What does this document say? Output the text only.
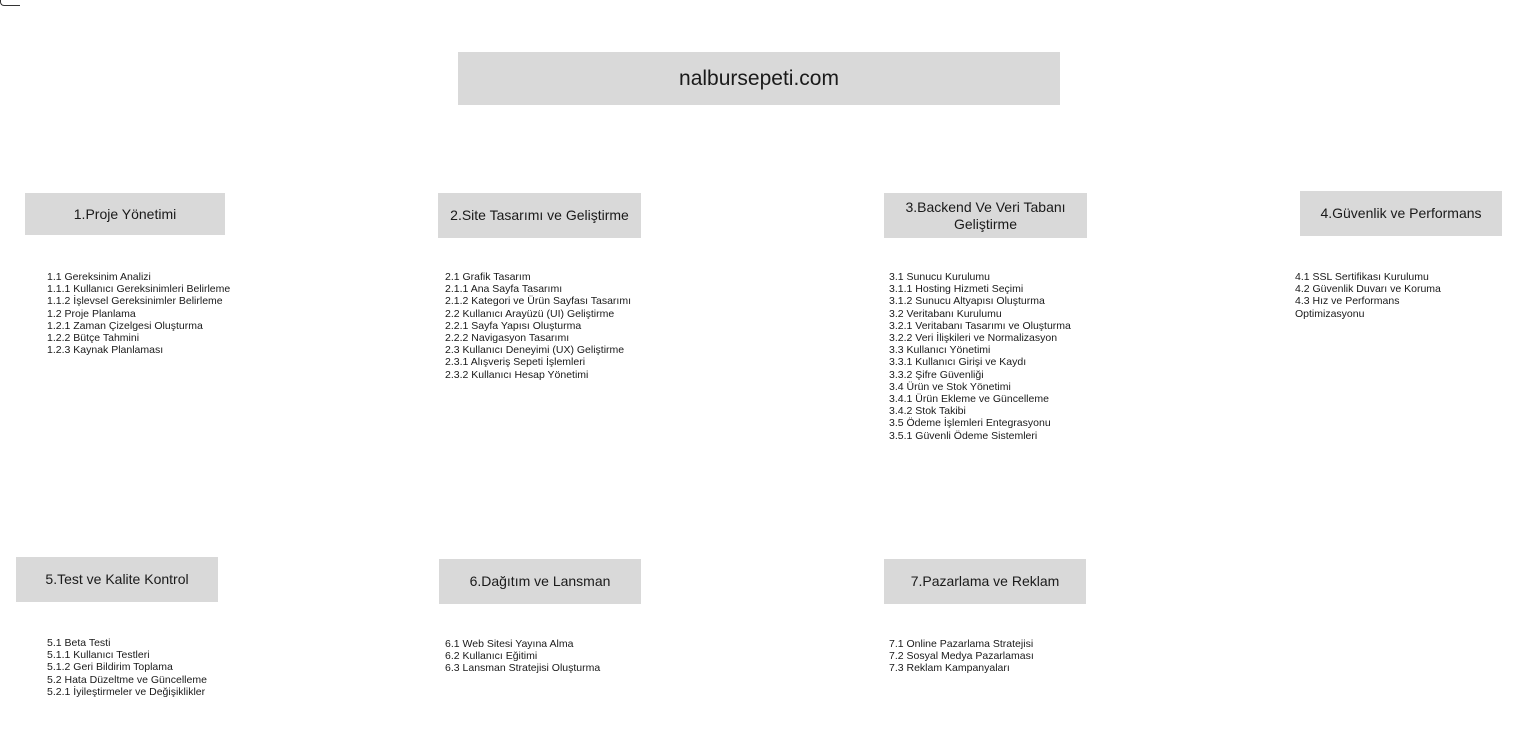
nalbursepeti.com
1.Proje Yönetimi
1.1 Gereksinim Analizi
1.1.1 Kullanıcı Gereksinimleri Belirleme
1.1.2 İşlevsel Gereksinimler Belirleme
1.2 Proje Planlama
1.2.1 Zaman Çizelgesi Oluşturma
1.2.2 Bütçe Tahmini
1.2.3 Kaynak Planlaması
2.Site Tasarımı ve Geliştirme
2.1 Grafik Tasarım
2.1.1 Ana Sayfa Tasarımı
2.1.2 Kategori ve Ürün Sayfası Tasarımı
2.2 Kullanıcı Arayüzü (UI) Geliştirme
2.2.1 Sayfa Yapısı Oluşturma
2.2.2 Navigasyon Tasarımı
2.3 Kullanıcı Deneyimi (UX) Geliştirme
2.3.1 Alışveriş Sepeti İşlemleri
2.3.2 Kullanıcı Hesap Yönetimi
3.Backend Ve Veri Tabanı Geliştirme
3.1 Sunucu Kurulumu
3.1.1 Hosting Hizmeti Seçimi
3.1.2 Sunucu Altyapısı Oluşturma
3.2 Veritabanı Kurulumu
3.2.1 Veritabanı Tasarımı ve Oluşturma
3.2.2 Veri İlişkileri ve Normalizasyon
3.3 Kullanıcı Yönetimi
3.3.1 Kullanıcı Girişi ve Kaydı
3.3.2 Şifre Güvenliği
3.4 Ürün ve Stok Yönetimi
3.4.1 Ürün Ekleme ve Güncelleme
3.4.2 Stok Takibi
3.5 Ödeme İşlemleri Entegrasyonu
3.5.1 Güvenli Ödeme Sistemleri
4.Güvenlik ve Performans
4.1 SSL Sertifikası Kurulumu
4.2 Güvenlik Duvarı ve Koruma
4.3 Hız ve Performans
Optimizasyonu
5.Test ve Kalite Kontrol
5.1 Beta Testi
5.1.1 Kullanıcı Testleri
5.1.2 Geri Bildirim Toplama
5.2 Hata Düzeltme ve Güncelleme
5.2.1 İyileştirmeler ve Değişiklikler
6.Dağıtım ve Lansman
6.1 Web Sitesi Yayına Alma
6.2 Kullanıcı Eğitimi
6.3 Lansman Stratejisi Oluşturma
7.Pazarlama ve Reklam
7.1 Online Pazarlama Stratejisi
7.2 Sosyal Medya Pazarlaması
7.3 Reklam Kampanyaları
